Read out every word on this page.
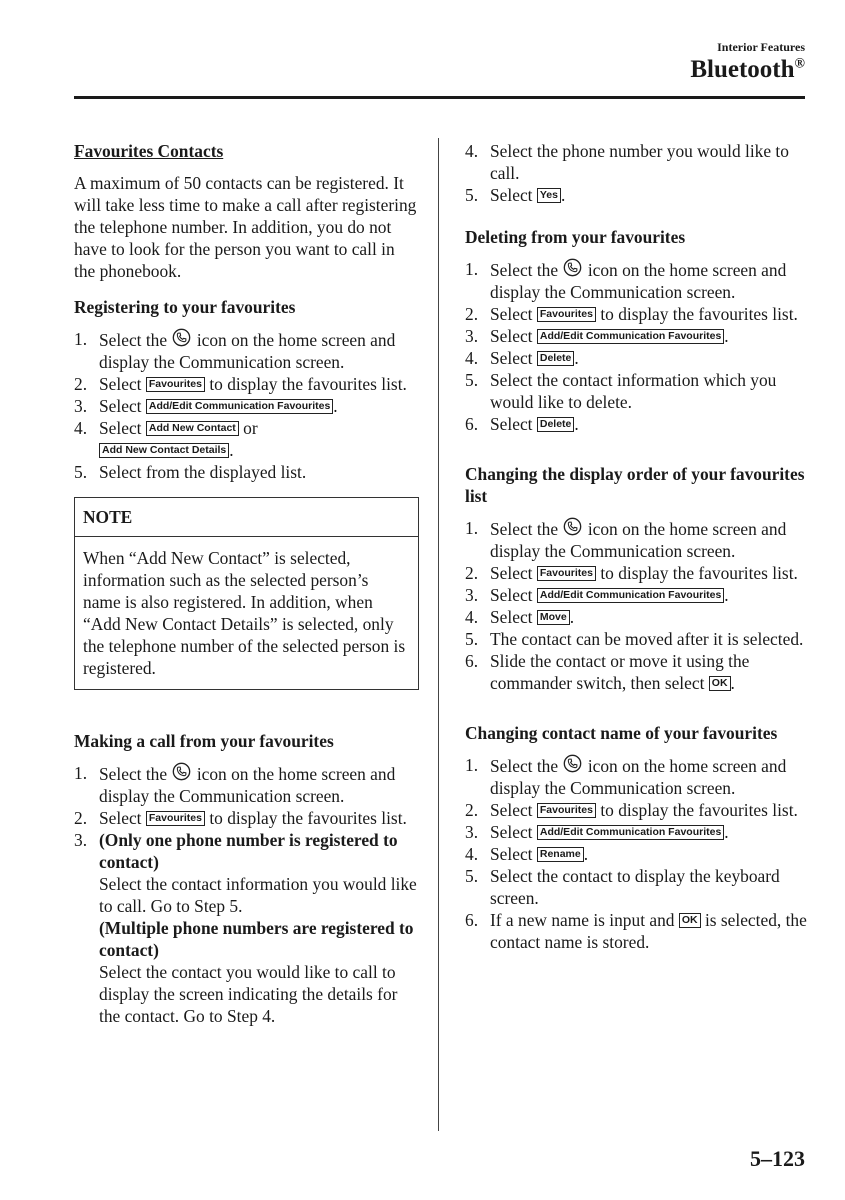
Interior Features
Bluetooth®

Favourites Contacts

A maximum of 50 contacts can be registered. It will take less time to make a call after registering the telephone number. In addition, you do not have to look for the person you want to call in the phonebook.

Registering to your favourites

1. Select the icon on the home screen and display the Communication screen.
2. Select Favourites to display the favourites list.
3. Select Add/Edit Communication Favourites .
4. Select Add New Contact or
Add New Contact Details .
5. Select from the displayed list.
NOTE
When “Add New Contact” is selected, information such as the selected person’s name is also registered. In addition, when “Add New Contact Details” is selected, only the telephone number of the selected person is registered.

Making a call from your favourites

1. Select the icon on the home screen and display the Communication screen.
2. Select Favourites to display the favourites list.
3. (Only one phone number is registered to contact)
Select the contact information you would like to call. Go to Step 5.
(Multiple phone numbers are registered to contact)
Select the contact you would like to call to display the screen indicating the details for the contact. Go to Step 4.
4. Select the phone number you would like to call.
5. Select Yes .

Deleting from your favourites

1. Select the icon on the home screen and display the Communication screen.
2. Select Favourites to display the favourites list.
3. Select Add/Edit Communication Favourites .
4. Select Delete .
5. Select the contact information which you would like to delete.
6. Select Delete .

Changing the display order of your favourites list

1. Select the icon on the home screen and display the Communication screen.
2. Select Favourites to display the favourites list.
3. Select Add/Edit Communication Favourites .
4. Select Move .
5. The contact can be moved after it is selected.
6. Slide the contact or move it using the commander switch, then select OK .

Changing contact name of your favourites

1. Select the icon on the home screen and display the Communication screen.
2. Select Favourites to display the favourites list.
3. Select Add/Edit Communication Favourites .
4. Select Rename .
5. Select the contact to display the keyboard screen.
6. If a new name is input and OK is selected, the contact name is stored.
5–123
